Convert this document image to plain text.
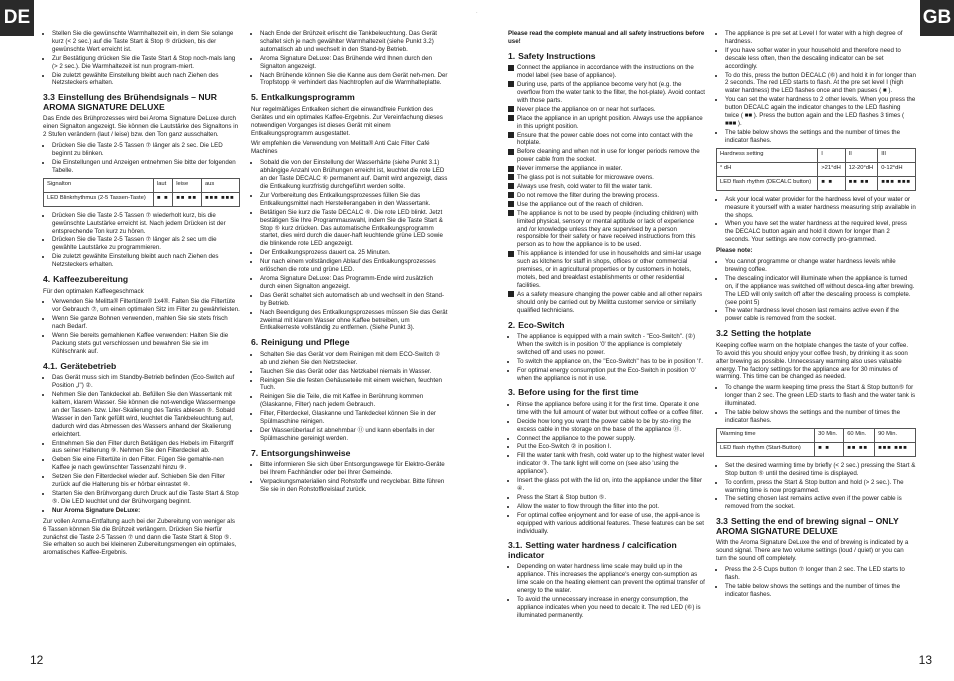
DE	GB
·
• Stellen Sie die gewünschte Warmhaltezeit ein, in dem Sie solange kurz (< 2 sec.) auf die Taste Start & Stop ⑤ drücken, bis der gewünschte Wert erreicht ist.
• Zur Bestätigung drücken Sie die Taste Start & Stop noch-mals lang (> 2 sec.). Die Warmhaltezeit ist nun program-miert.
• Die zuletzt gewählte Einstellung bleibt auch nach Ziehen des Netzsteckers erhalten.
3.3 Einstellung des Brühendsignals – NUR AROMA SIGNATURE DELUXE

Das Ende des Brühprozesses wird bei Aroma Signature DeLuxe durch einen Signalton angezeigt. Sie können die Lautstärke des Signaltons in 2 Stufen verändern (laut / leise) bzw. den Ton ganz ausschalten.

• Drücken Sie die Taste 2-5 Tassen ⑦ länger als 2 sec. Die LED beginnt zu blinken.
• Die Einstellungen und Anzeigen entnehmen Sie bitte der folgenden Tabelle.
Signalton	laut	leise	aus
LED Blinkrhythmus (2-5 Tassen-Taste)	■ ■	■■ ■■	■■■ ■■■
• Drücken Sie die Taste 2-5 Tassen ⑦ wiederholt kurz, bis die gewünschte Lautstärke erreicht ist. Nach jedem Drücken ist der entsprechende Ton kurz zu hören.
• Drücken Sie die Taste 2-5 Tassen ⑦ länger als 2 sec um die gewählte Lautstärke zu programmieren.
• Die zuletzt gewählte Einstellung bleibt auch nach Ziehen des Netzsteckers erhalten.
4. Kaffeezubereitung

Für den optimalen Kaffeegeschmack

• Verwenden Sie Melitta® Filtertüten® 1x4®. Falten Sie die Filtertüte vor Gebrauch ⑦, um einen optimalen Sitz im Filter zu gewährleisten.
• Wenn Sie ganze Bohnen verwenden, mahlen Sie sie stets frisch nach Bedarf.
• Wenn Sie bereits gemahlenen Kaffee verwenden: Halten Sie die Packung stets gut verschlossen und bewahren Sie sie im Kühlschrank auf.
4.1. Gerätebetrieb
• Das Gerät muss sich im Standby-Betrieb befinden (Eco-Switch auf Position „I") ②.
• Nehmen Sie den Tankdeckel ab. Befüllen Sie den Wassertank mit kaltem, klarem Wasser. Sie können die not-wendige Wassermenge an der Tassen- bzw. Liter-Skalierung des Tanks ablesen ③. Sobald Wasser in den Tank gefüllt wird, leuchtet die Tankbeleuchtung auf, dadurch wird das Abmessen des Wassers anhand der Skalierung erleichtert.
• Entnehmen Sie den Filter durch Betätigen des Hebels im Filtergriff aus seiner Halterung ⑨. Nehmen Sie den Filterdeckel ab.
• Geben Sie eine Filtertüte in den Filter. Fügen Sie gemahle-nen Kaffee je nach gewünschter Tassenzahl hinzu ⑨.
• Setzen Sie den Filterdeckel wieder auf. Schieben Sie den Filter zurück auf die Halterung bis er hörbar einrastet ⑩.
• Starten Sie den Brühvorgang durch Druck auf die Taste Start & Stop ⑤. Die LED leuchtet und der Brühvorgang beginnt.
• Nur Aroma Signature DeLuxe:

Zur vollen Aroma-Entfaltung auch bei der Zubereitung von weniger als 6 Tassen können Sie die Brühzeit verlängern. Drücken Sie hierfür zunächst die Taste 2-5 Tassen ⑦ und dann die Taste Start & Stop ⑤. Sie erhalten so auch bei kleineren Zubereitungsmengen ein optimales, aromatisches Kaffee-Ergebnis.

• Nach Ende der Brühzeit erlischt die Tankbeleuchtung. Das Gerät schaltet sich je nach gewählter Warmhaltezeit (siehe Punkt 3.2) automatisch ab und wechselt in den Stand-by Betrieb.
• Aroma Signature DeLuxe: Das Brühende wird Ihnen durch den Signalton angezeigt.
• Nach Brühende können Sie die Kanne aus dem Gerät neh-men. Der Tropfstopp ④ verhindert das Nachtropfen auf die Warmhalteplatte.
5. Entkalkungsprogramm

Nur regelmäßiges Entkalken sichert die einwandfreie Funktion des Gerätes und ein optimales Kaffee-Ergebnis. Zur Vereinfachung dieses notwendigen Vorganges ist dieses Gerät mit einem Entkalkungsprogramm ausgestattet.

Wir empfehlen die Verwendung von Melitta® Anti Calc Filter Café Machines

• Sobald die von der Einstellung der Wasserhärte (siehe Punkt 3.1) abhängige Anzahl von Brühungen erreicht ist, leuchtet die rote LED an der Taste DECALC ⑥ permanent auf. Damit wird angezeigt, dass die Entkalkung kurzfristig durchgeführt werden sollte.
• Zur Vorbereitung des Entkalkungsprozesses füllen Sie das Entkalkungsmittel nach Herstellerangaben in den Wassertank.
• Betätigen Sie kurz die Taste DECALC ⑥. Die rote LED blinkt. Jetzt bestätigen Sie Ihre Programmauswahl, indem Sie die Taste Start & Stop ⑤ kurz drücken. Das automatische Entkalkungsprogramm startet, dies wird durch die dauer-haft leuchtende grüne LED sowie die blinkende rote LED angezeigt.
• Der Entkalkungsprozess dauert ca. 25 Minuten.
• Nur nach einem vollständigen Ablauf des Entkalkungsprozesses erlöschen die rote und grüne LED.
• Aroma Signature DeLuxe: Das Programm-Ende wird zusätzlich durch einen Signalton angezeigt.
• Das Gerät schaltet sich automatisch ab und wechselt in den Stand-by Betrieb.
• Nach Beendigung des Entkalkungsprozesses müssen Sie das Gerät zweimal mit klarem Wasser ohne Kaffee betreiben, um Entkalkerreste vollständig zu entfernen. (Siehe Punkt 3).
6. Reinigung und Pflege
• Schalten Sie das Gerät vor dem Reinigen mit dem ECO-Switch ② ab und ziehen Sie den Netzstecker.
• Tauchen Sie das Gerät oder das Netzkabel niemals in Wasser.
• Reinigen Sie die festen Gehäuseteile mit einem weichen, feuchten Tuch.
• Reinigen Sie die Teile, die mit Kaffee in Berührung kommen (Glaskanne, Filter) nach jedem Gebrauch.
• Filter, Filterdeckel, Glaskanne und Tankdeckel können Sie in der Spülmaschine reinigen.
• Der Wasserüberlauf ist abnehmbar ⑪ und kann ebenfalls in der Spülmaschine gereinigt werden.
7. Entsorgungshinweise
• Bitte informieren Sie sich über Entsorgungswege für Elektro-Geräte bei Ihrem Fachhändler oder bei Ihrer Gemeinde.
• Verpackungsmaterialien sind Rohstoffe und recyclebar. Bitte führen Sie sie in den Rohstoffkreislauf zurück.

Please read the complete manual and all safety instructions before use!

1. Safety Instructions
! Connect the appliance in accordance with the instructions on the model label (see base of appliance).
! During use, parts of the appliance become very hot (e.g. the overflow from the water tank to the filter, the hot-plate). Avoid contact with those parts.
! Never place the appliance on or near hot surfaces.
! Place the appliance in an upright position. Always use the appliance in this upright position.
! Ensure that the power cable does not come into contact with the hotplate.
! Before cleaning and when not in use for longer periods remove the power cable from the socket.
! Never immerse the appliance in water.
! The glass pot is not suitable for microwave ovens.
! Always use fresh, cold water to fill the water tank.
! Do not remove the filter during the brewing process.
! Use the appliance out of the reach of children.
! The appliance is not to be used by people (including children) with limited physical, sensory or mental aptitude or lack of experience and /or knowledge unless they are supervised by a person responsible for their safety or have received instructions from this person as to how the appliance is to be used.
! This appliance is intended for use in households and simi-lar usage such as kitchens for staff in shops, offices or other commercial premises, or in agricultural properties or by customers in hotels, motels, bed and breakfast establishments or other residential facilities.
! As a safety measure changing the power cable and all other repairs should only be carried out by Melitta customer service or similarly qualified technicians.
2. Eco-Switch
• The appliance is equipped with a main switch - "Eco-Switch". (②) When the switch is in position '0' the appliance is completely switched off and uses no power.
• To switch the appliance on, the "Eco-Switch" has to be in position 'I'.
• For optimal energy consumption put the Eco-Switch in position '0' when the appliance is not in use.
3. Before using for the first time
• Rinse the appliance before using it for the first time. Operate it one time with the full amount of water but without coffee or a coffee filter.
• Decide how long you want the power cable to be by sto-ring the excess cable in the storage on the base of the appliance ⑪.
• Connect the appliance to the power supply.
• Put the Eco-Switch ② in position I.
• Fill the water tank with fresh, cold water up to the highest water level indicator ③. The tank light will come on (see also 'using the appliance').
• Insert the glass pot with the lid on, into the appliance under the filter ④.
• Press the Start & Stop button ⑤.
• Allow the water to flow through the filter into the pot.
• For optimal coffee enjoyment and for ease of use, the appli-ance is equipped with various additional features. These features can be set individually.
3.1. Setting water hardness / calcification indicator
• Depending on water hardness lime scale may build up in the appliance. This increases the appliance's energy con-sumption as lime scale on the heating element can prevent the optimal transfer of energy to the water.
• To avoid the unnecessary increase in energy consumption, the appliance indicates when you need to decalc it. The red LED (⑥) is illuminated permanently.
• The appliance is pre set at Level I for water with a high degree of hardness.
• If you have softer water in your household and therefore need to descale less often, then the descaling indicator can be set accordingly.
• To do this, press the button DECALC (⑥) and hold it in for longer than 2 seconds. The red LED starts to flash. At the pre set level I (high water hardness) the LED flashes once and then pauses ( ■ ).
• You can set the water hardness to 2 other levels. When you press the button DECALC again the indicator changes to the LED flashing twice ( ■■ ). Press the button again and the LED flashes 3 times ( ■■■ ).
• The table below shows the settings and the number of times the indicator flashes.
Hardness setting	I	II	III
° dH	>21°dH	12-20°dH	0-12°dH
LED flash rhythm (DECALC button)	■ ■	■■ ■■	■■■ ■■■
• Ask your local water provider for the hardness level of your water or measure it yourself with a water hardness measuring strip available in the shops.
• When you have set the water hardness at the required level, press the DECALC button again and hold it down for longer than 2 seconds. Your settings are now correctly pro-grammed.

Please note:

• You cannot programme or change water hardness levels while brewing coffee.
• The descaling indicator will illuminate when the appliance is turned on, if the appliance was switched off without desca-ling after brewing. The LED will only switch off after the descaling process is complete. (see point 5)
• The water hardness level chosen last remains active even if the power cable is removed from the socket.
3.2 Setting the hotplate

Keeping coffee warm on the hotplate changes the taste of your coffee. To avoid this you should enjoy your coffee fresh, by drinking it as soon after brewing as possible. Unnecessary warming also uses valuable energy. The factory settings for the appliance are for 30 minutes of warming. This time can be changed as needed.

• To change the warm keeping time press the Start & Stop button⑤ for longer than 2 sec. The green LED starts to flash and the water tank is illuminated.
• The table below shows the settings and the number of times the indicator flashes.
Warming time	30 Min.	60 Min.	90 Min.
LED flash rhythm (Start-Button)	■ ■	■■ ■■	■■■ ■■■
• Set the desired warming time by briefly (< 2 sec.) pressing the Start & Stop button ⑤ until the desired time is displayed.
• To confirm, press the Start & Stop button and hold (> 2 sec.). The warming time is now programmed.
• The setting chosen last remains active even if the power cable is removed from the socket.
3.3 Setting the end of brewing signal – ONLY AROMA SIGNATURE DELUXE

With the Aroma Signature DeLuxe the end of brewing is indicated by a sound signal. There are two volume settings (loud / quiet) or you can turn the sound off completely.

• Press the 2-5 Cups button ⑦ longer than 2 sec. The LED starts to flash.
• The table below shows the settings and the number of times the indicator flashes.
12	13
